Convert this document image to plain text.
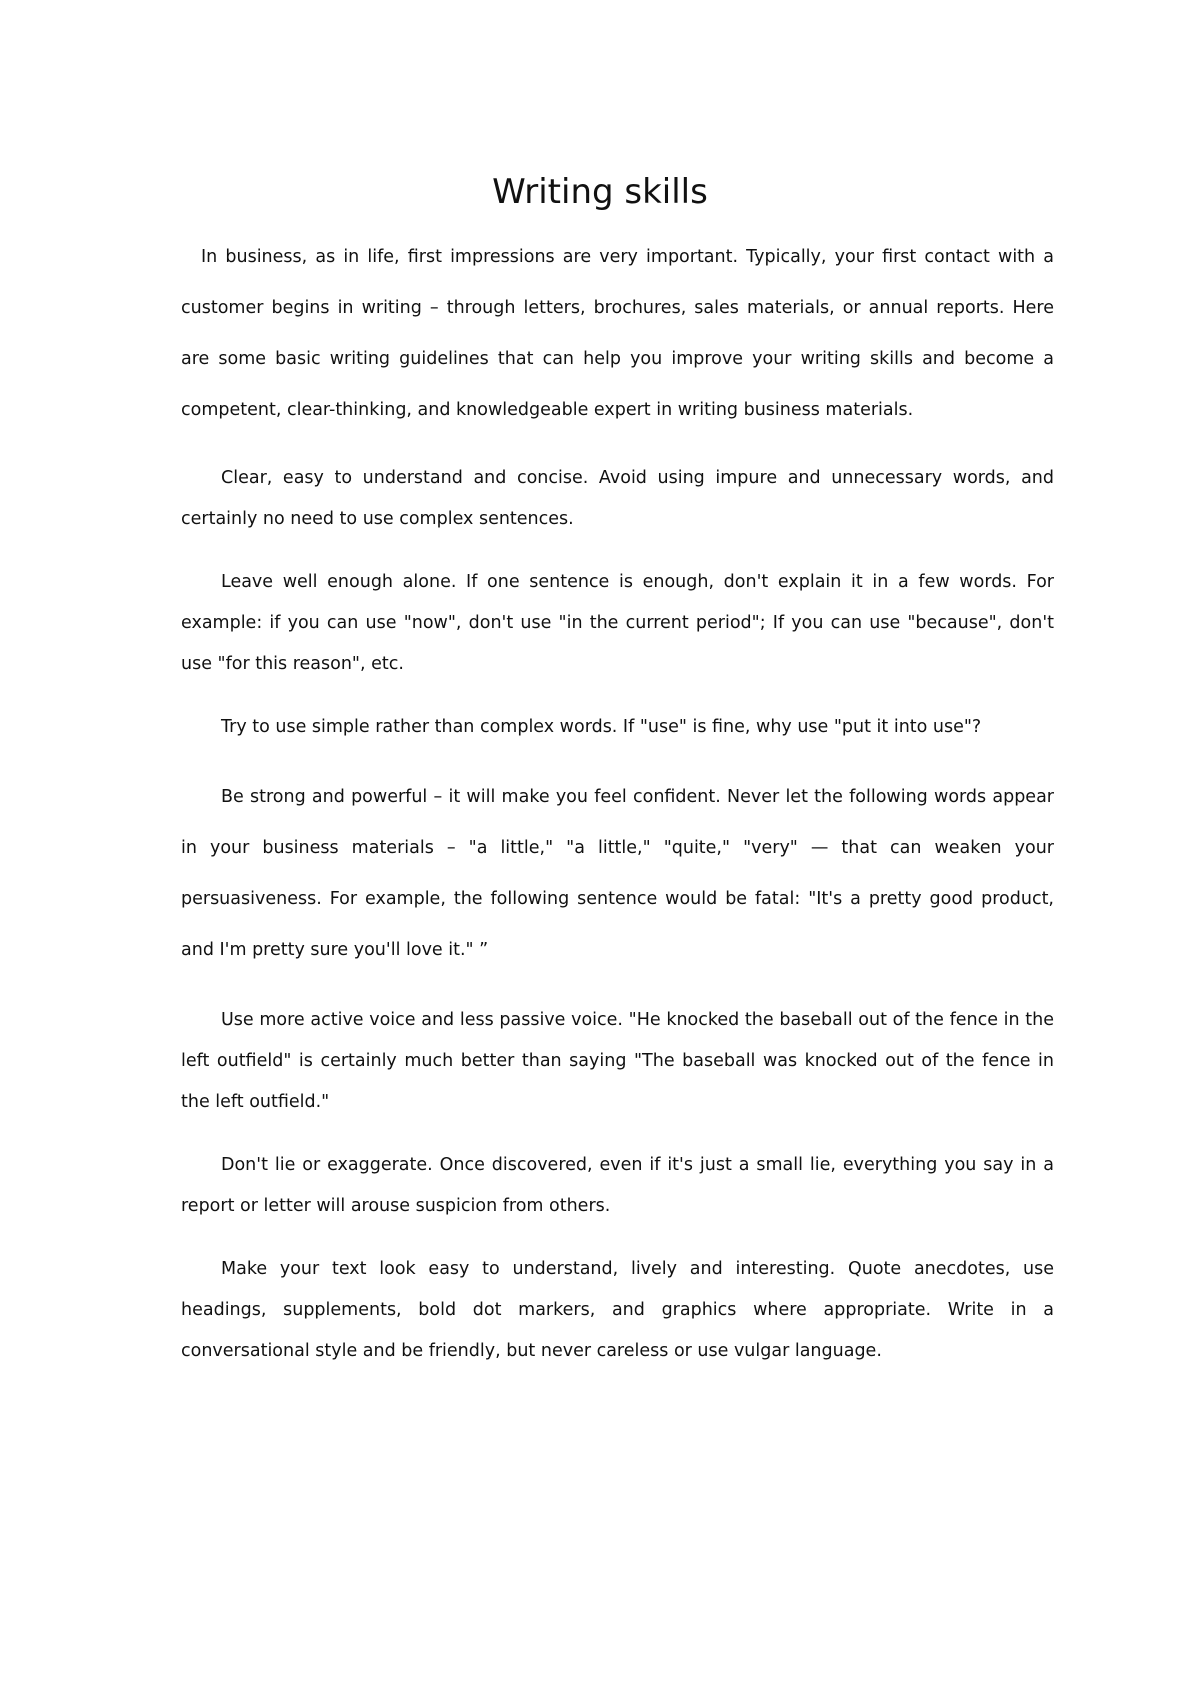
Writing skills

In business, as in life, first impressions are very important. Typically, your first contact with a customer begins in writing – through letters, brochures, sales materials, or annual reports. Here are some basic writing guidelines that can help you improve your writing skills and become a competent, clear-thinking, and knowledgeable expert in writing business materials.

Clear, easy to understand and concise. Avoid using impure and unnecessary words, and certainly no need to use complex sentences.

Leave well enough alone. If one sentence is enough, don't explain it in a few words. For example: if you can use "now", don't use "in the current period"; If you can use "because", don't use "for this reason", etc.

Try to use simple rather than complex words. If "use" is fine, why use "put it into use"?

Be strong and powerful – it will make you feel confident. Never let the following words appear in your business materials – "a little," "a little," "quite," "very" — that can weaken your persuasiveness. For example, the following sentence would be fatal: "It's a pretty good product, and I'm pretty sure you'll love it." ”

Use more active voice and less passive voice. "He knocked the baseball out of the fence in the left outfield" is certainly much better than saying "The baseball was knocked out of the fence in the left outfield."

Don't lie or exaggerate. Once discovered, even if it's just a small lie, everything you say in a report or letter will arouse suspicion from others.

Make your text look easy to understand, lively and interesting. Quote anecdotes, use headings, supplements, bold dot markers, and graphics where appropriate. Write in a conversational style and be friendly, but never careless or use vulgar language.
